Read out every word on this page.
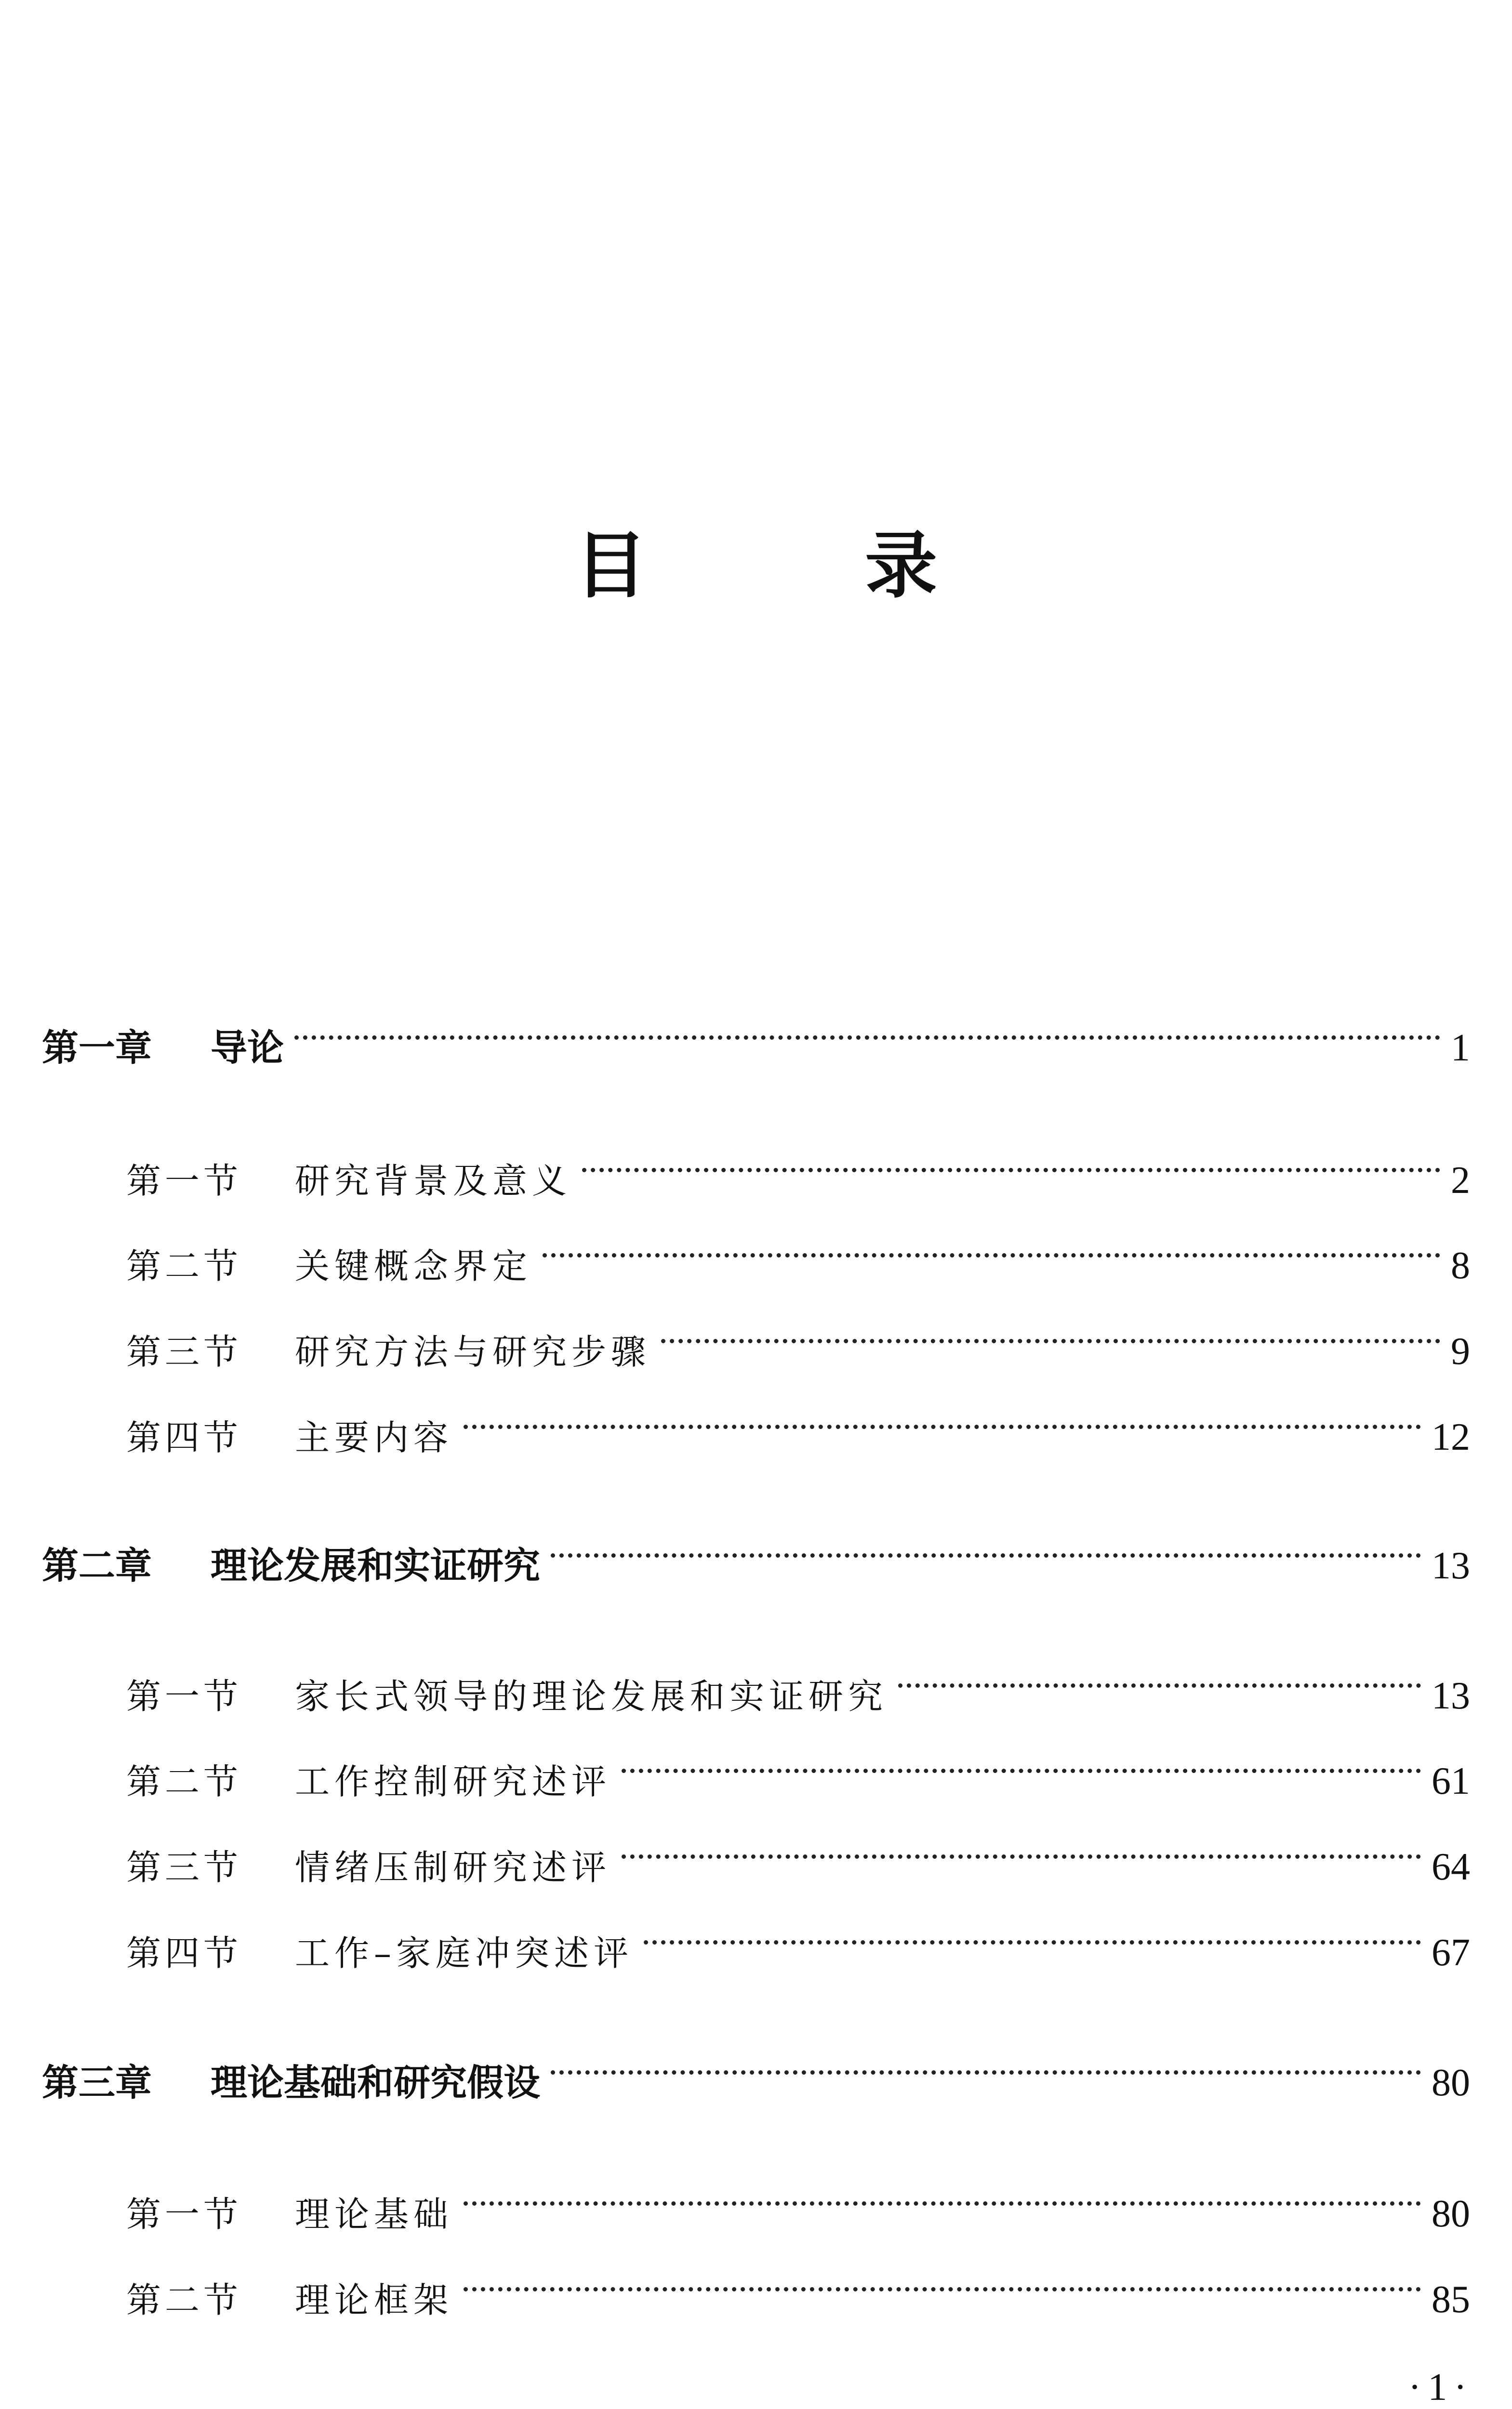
目 录
第一章	导论	1
第一节	研究背景及意义	2
第二节	关键概念界定	8
第三节	研究方法与研究步骤	9
第四节	主要内容	12
第二章	理论发展和实证研究	13
第一节	家长式领导的理论发展和实证研究	13
第二节	工作控制研究述评	61
第三节	情绪压制研究述评	64
第四节	工作–家庭冲突述评	67
第三章	理论基础和研究假设	80
第一节	理论基础	80
第二节	理论框架	85
·1·
